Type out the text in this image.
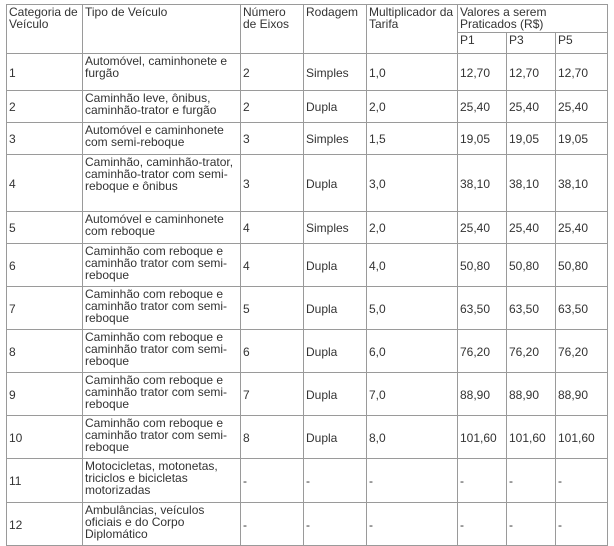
Categoria de Veículo	Tipo de Veículo	Número de Eixos	Rodagem	Multiplicador da Tarifa	Valores a serem Praticados (R$)		
					P1	P3	P5
1	Automóvel, caminhonete e furgão	2	Simples	1,0	12,70	12,70	12,70
2	Caminhão leve, ônibus, caminhão-trator e furgão	2	Dupla	2,0	25,40	25,40	25,40
3	Automóvel e caminhonete com semi-reboque	3	Simples	1,5	19,05	19,05	19,05
4	Caminhão, caminhão-trator, caminhão-trator com semi-reboque e ônibus	3	Dupla	3,0	38,10	38,10	38,10
5	Automóvel e caminhonete com reboque	4	Simples	2,0	25,40	25,40	25,40
6	Caminhão com reboque e caminhão trator com semi-reboque	4	Dupla	4,0	50,80	50,80	50,80
7	Caminhão com reboque e caminhão trator com semi-reboque	5	Dupla	5,0	63,50	63,50	63,50
8	Caminhão com reboque e caminhão trator com semi-reboque	6	Dupla	6,0	76,20	76,20	76,20
9	Caminhão com reboque e caminhão trator com semi-reboque	7	Dupla	7,0	88,90	88,90	88,90
10	Caminhão com reboque e caminhão trator com semi-reboque	8	Dupla	8,0	101,60	101,60	101,60
11	Motocicletas, motonetas, triciclos e bicicletas motorizadas	-	-	-	-	-	-
12	Ambulâncias, veículos oficiais e do Corpo Diplomático	-	-	-	-	-	-
